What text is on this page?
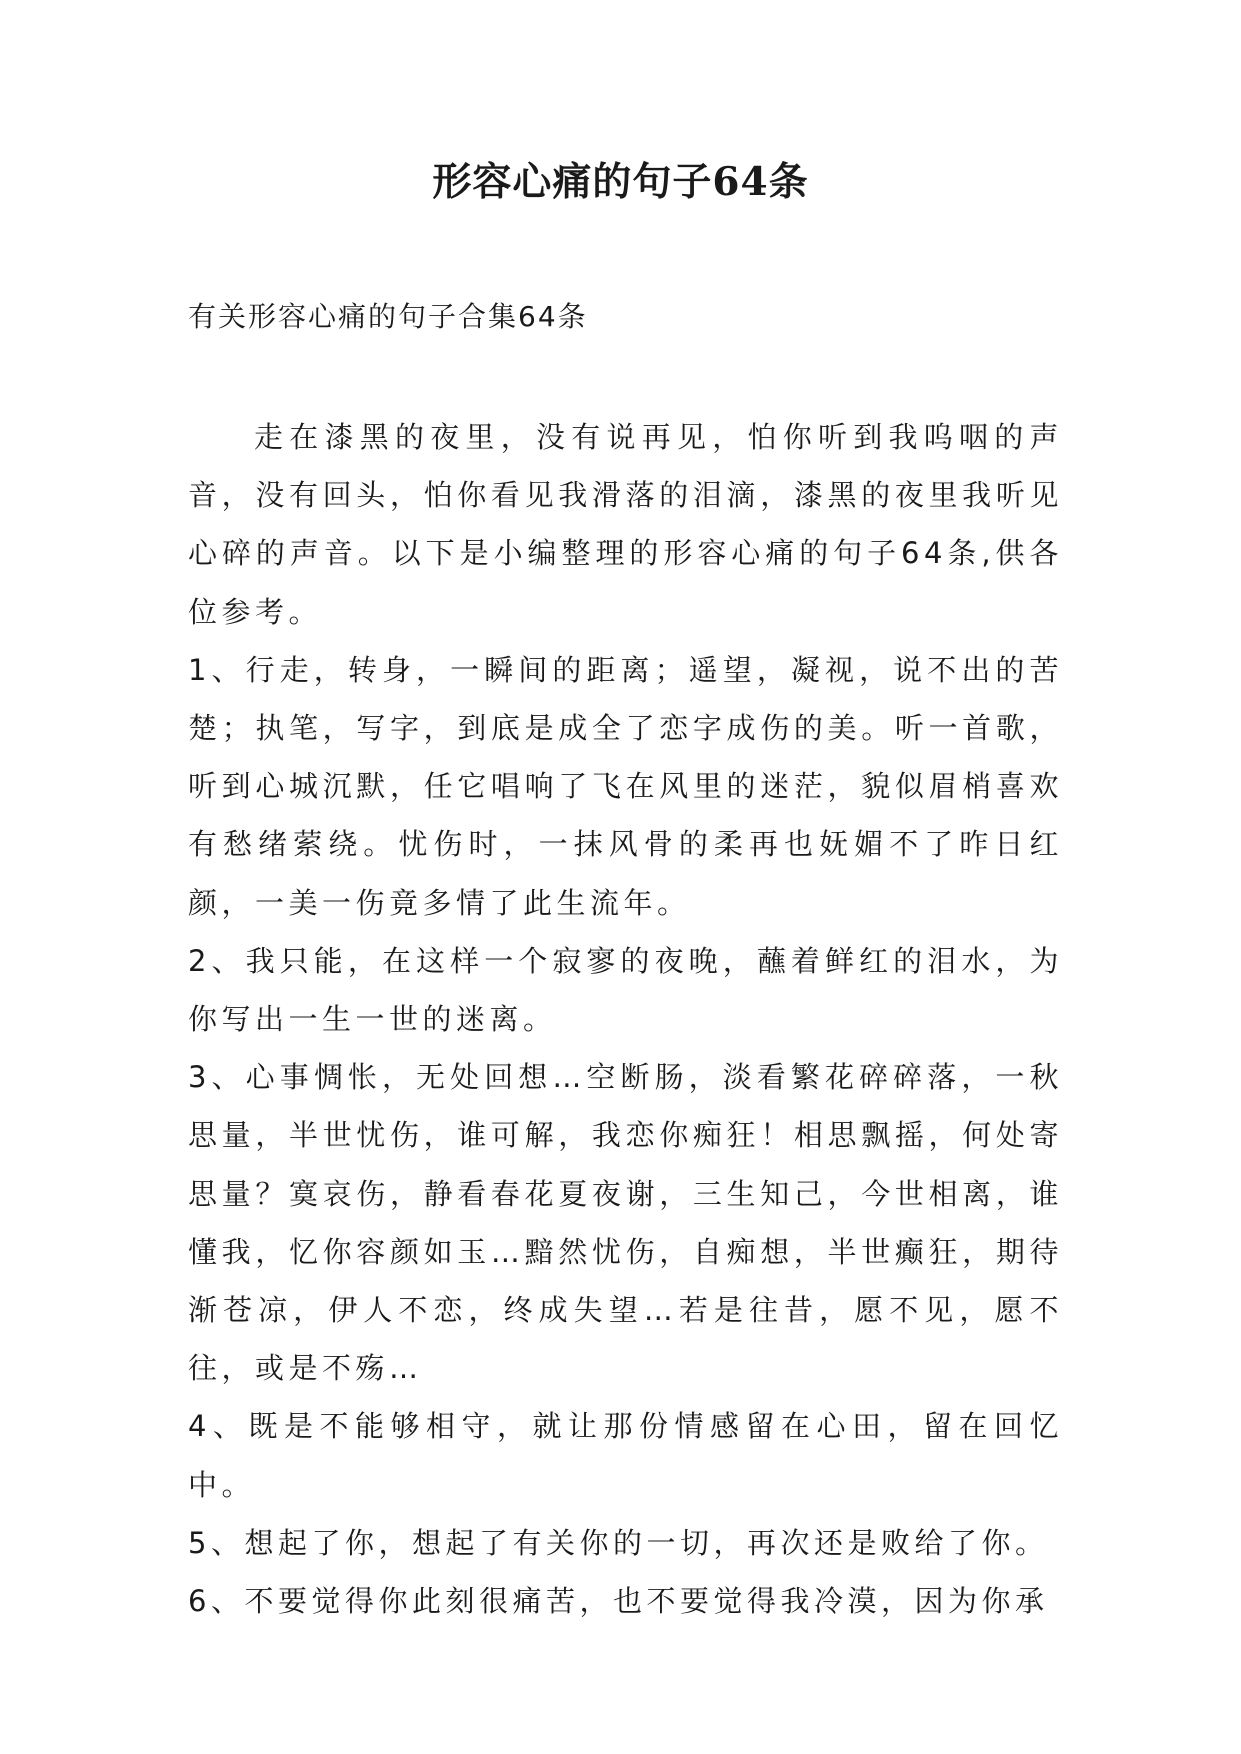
形容心痛的句子64条
有关形容心痛的句子合集64条

走在漆黑的夜里，没有说再见，怕你听到我呜咽的声音，没有回头，怕你看见我滑落的泪滴，漆黑的夜里我听见心碎的声音。以下是小编整理的形容心痛的句子64条,供各位参考。

1、行走，转身，一瞬间的距离；遥望，凝视，说不出的苦楚；执笔，写字，到底是成全了恋字成伤的美。听一首歌，听到心城沉默，任它唱响了飞在风里的迷茫，貌似眉梢喜欢有愁绪萦绕。忧伤时，一抹风骨的柔再也妩媚不了昨日红颜，一美一伤竟多情了此生流年。

2、我只能，在这样一个寂寥的夜晚，蘸着鲜红的泪水，为你写出一生一世的迷离。

3、心事惆怅，无处回想…空断肠，淡看繁花碎碎落，一秋思量，半世忧伤，谁可解，我恋你痴狂！相思飘摇，何处寄思量？寞哀伤，静看春花夏夜谢，三生知己，今世相离，谁懂我，忆你容颜如玉…黯然忧伤，自痴想，半世癫狂，期待渐苍凉，伊人不恋，终成失望…若是往昔，愿不见，愿不往，或是不殇…

4、既是不能够相守，就让那份情感留在心田，留在回忆中。

5、想起了你，想起了有关你的一切，再次还是败给了你。

6、不要觉得你此刻很痛苦，也不要觉得我冷漠，因为你承
